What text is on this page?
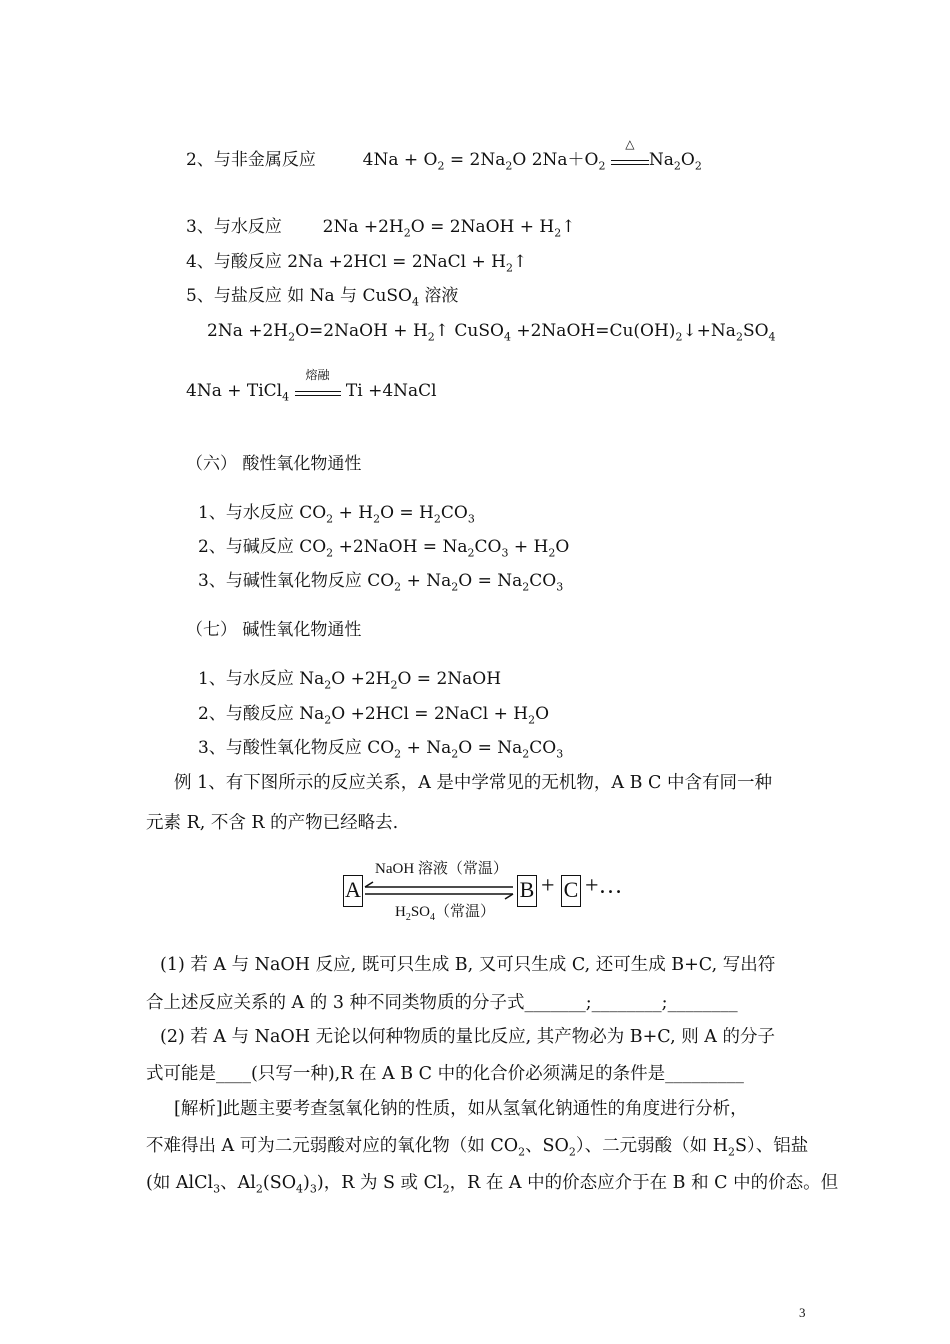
2、与非金属反应	$4Na + O_2 = 2Na_2O$ $2Na+O_2$
△
$Na_2O_2$
3、与水反应 $2Na +2H_2O$ = 2NaOH + $H_2↑$
4、与酸反应 2Na +2HCl = 2NaCl + $H_2↑$
5、与盐反应 如 Na 与 CuSO$_4$ 溶液
$2Na +2H_2O=2NaOH$ + $H_2↑$ CuSO$_4$ $+2NaOH=Cu(OH)_2↓+Na_2SO_4$
4Na + TiCl$_4$
熔融
Ti +4NaCl
（六） 酸性氧化物通性
1、与水反应 $CO_2 + H_2O = H_2CO_3$
2、与碱反应 $CO_2$ +2NaOH = $Na_2CO_3 + H_2O$
3、与碱性氧化物反应 $CO_2 + Na_2O = Na_2CO_3$
（七） 碱性氧化物通性
1、与水反应 $Na_2O +2H_2O$ = 2NaOH
2、与酸反应 $Na_2O +2HCl$ = 2NaCl + $H_2O$
3、与酸性氧化物反应 $CO_2 + Na_2O = Na_2CO_3$
例 1、有下图所示的反应关系，A 是中学常见的无机物，A B C 中含有同一种
元素 R, 不含 R 的产物已经略去.
A
NaOH 溶液（常温）
$H_2SO_4$（常温）
B + C +…
(1) 若 A 与 NaOH 反应, 既可只生成 B, 又可只生成 C, 还可生成 B+C, 写出符
合上述反应关系的 A 的 3 种不同类物质的分子式_______;________;________
(2) 若 A 与 NaOH 无论以何种物质的量比反应, 其产物必为 B+C, 则 A 的分子
式可能是____(只写一种),R 在 A B C 中的化合价必须满足的条件是_________
[解析]此题主要考查氢氧化钠的性质，如从氢氧化钠通性的角度进行分析，
不难得出 A 可为二元弱酸对应的氧化物（如 $CO_2$、$SO_2$）、二元弱酸（如 $H_2S$）、铝盐
(如 AlCl$_3$、$Al_2(SO_4)_3$)，R 为 S 或 $Cl_2$，R 在 A 中的价态应介于在 B 和 C 中的价态。但
3
